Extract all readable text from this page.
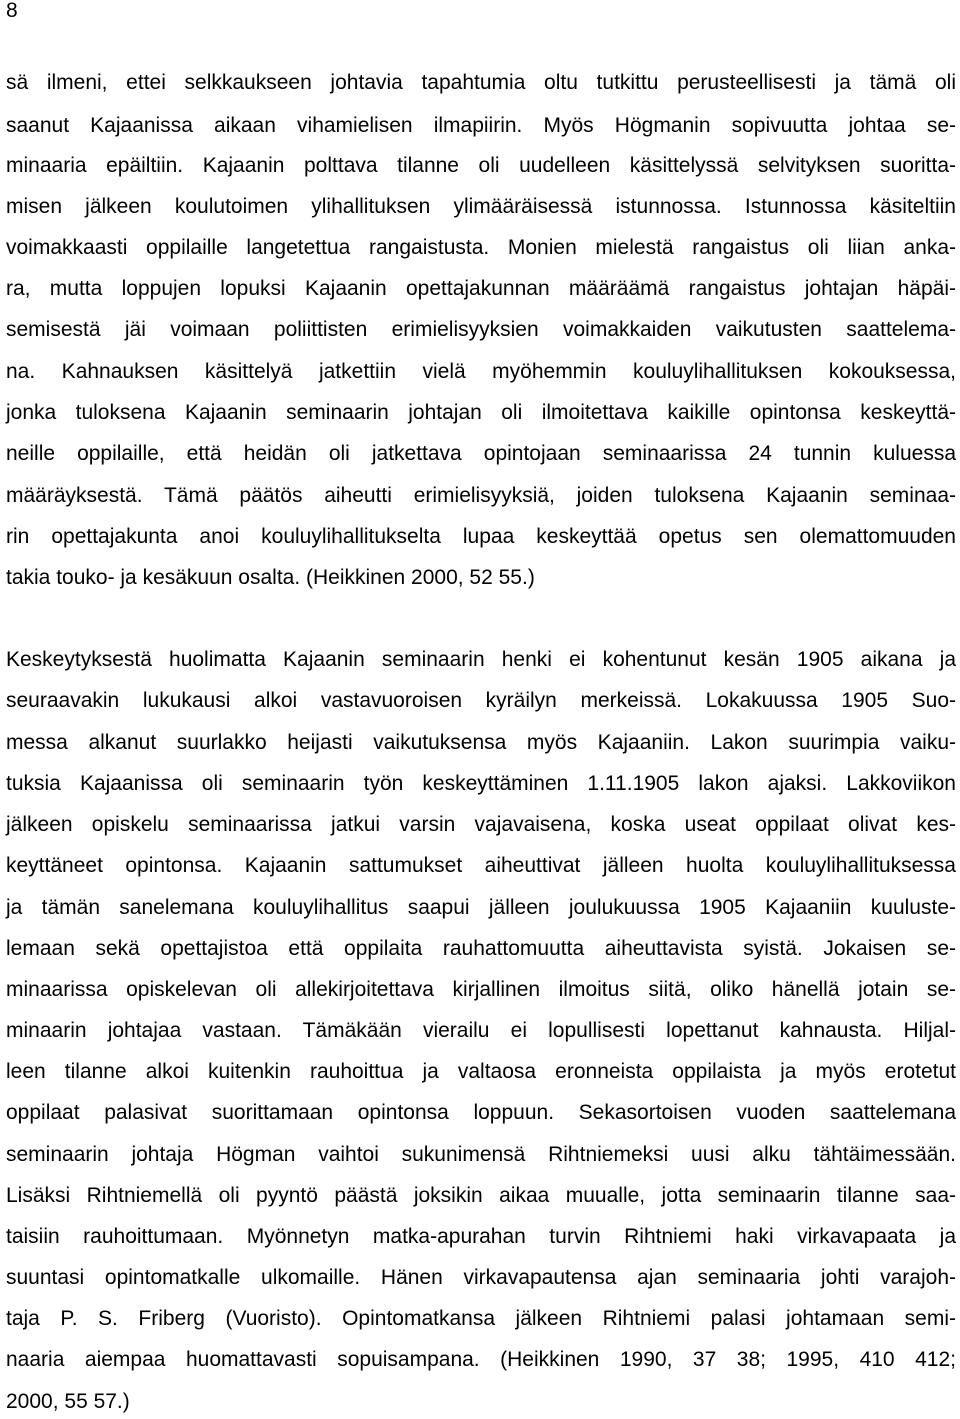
8
sä ilmeni, ettei selkkaukseen johtavia tapahtumia oltu tutkittu perusteellisesti ja tämä oli
saanut Kajaanissa aikaan vihamielisen ilmapiirin. Myös Högmanin sopivuutta johtaa se-
minaaria epäiltiin. Kajaanin polttava tilanne oli uudelleen käsittelyssä selvityksen suoritta-
misen jälkeen koulutoimen ylihallituksen ylimääräisessä istunnossa. Istunnossa käsiteltiin
voimakkaasti oppilaille langetettua rangaistusta. Monien mielestä rangaistus oli liian anka-
ra, mutta loppujen lopuksi Kajaanin opettajakunnan määräämä rangaistus johtajan häpäi-
semisestä jäi voimaan poliittisten erimielisyyksien voimakkaiden vaikutusten saattelema-
na. Kahnauksen käsittelyä jatkettiin vielä myöhemmin kouluylihallituksen kokouksessa,
jonka tuloksena Kajaanin seminaarin johtajan oli ilmoitettava kaikille opintonsa keskeyttä-
neille oppilaille, että heidän oli jatkettava opintojaan seminaarissa 24 tunnin kuluessa
määräyksestä. Tämä päätös aiheutti erimielisyyksiä, joiden tuloksena Kajaanin seminaa-
rin opettajakunta anoi kouluylihallitukselta lupaa keskeyttää opetus sen olemattomuuden
takia touko- ja kesäkuun osalta. (Heikkinen 2000, 52 55.)
Keskeytyksestä huolimatta Kajaanin seminaarin henki ei kohentunut kesän 1905 aikana ja
seuraavakin lukukausi alkoi vastavuoroisen kyräilyn merkeissä. Lokakuussa 1905 Suo-
messa alkanut suurlakko heijasti vaikutuksensa myös Kajaaniin. Lakon suurimpia vaiku-
tuksia Kajaanissa oli seminaarin työn keskeyttäminen 1.11.1905 lakon ajaksi. Lakkoviikon
jälkeen opiskelu seminaarissa jatkui varsin vajavaisena, koska useat oppilaat olivat kes-
keyttäneet opintonsa. Kajaanin sattumukset aiheuttivat jälleen huolta kouluylihallituksessa
ja tämän sanelemana kouluylihallitus saapui jälleen joulukuussa 1905 Kajaaniin kuuluste-
lemaan sekä opettajistoa että oppilaita rauhattomuutta aiheuttavista syistä. Jokaisen se-
minaarissa opiskelevan oli allekirjoitettava kirjallinen ilmoitus siitä, oliko hänellä jotain se-
minaarin johtajaa vastaan. Tämäkään vierailu ei lopullisesti lopettanut kahnausta. Hiljal-
leen tilanne alkoi kuitenkin rauhoittua ja valtaosa eronneista oppilaista ja myös erotetut
oppilaat palasivat suorittamaan opintonsa loppuun. Sekasortoisen vuoden saattelemana
seminaarin johtaja Högman vaihtoi sukunimensä Rihtniemeksi uusi alku tähtäimessään.
Lisäksi Rihtniemellä oli pyyntö päästä joksikin aikaa muualle, jotta seminaarin tilanne saa-
taisiin rauhoittumaan. Myönnetyn matka-apurahan turvin Rihtniemi haki virkavapaata ja
suuntasi opintomatkalle ulkomaille. Hänen virkavapautensa ajan seminaaria johti varajoh-
taja P. S. Friberg (Vuoristo). Opintomatkansa jälkeen Rihtniemi palasi johtamaan semi-
naaria aiempaa huomattavasti sopuisampana. (Heikkinen 1990, 37 38; 1995, 410 412;
2000, 55 57.)
